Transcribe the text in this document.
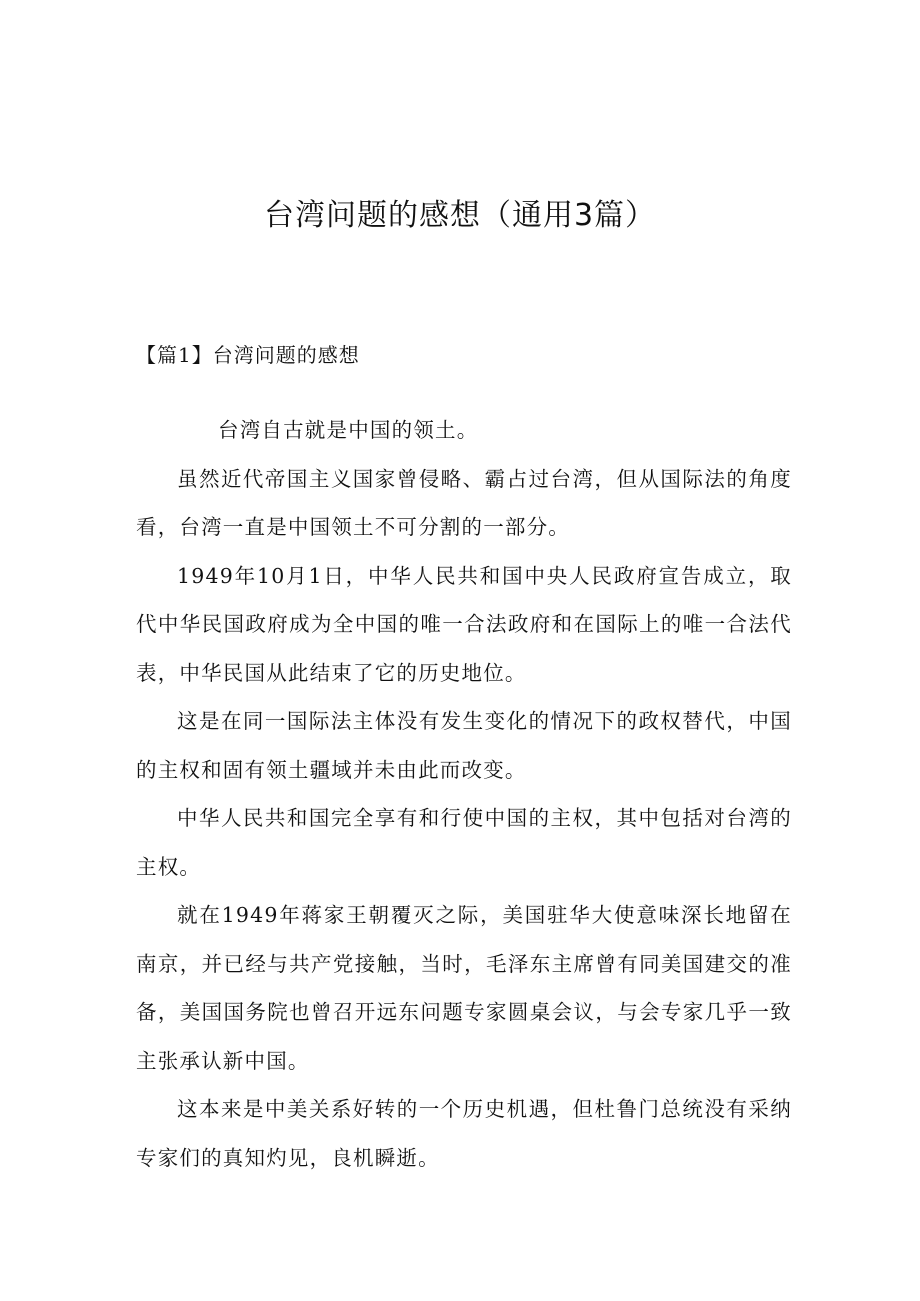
台湾问题的感想（通用3篇）
【篇1】台湾问题的感想

台湾自古就是中国的领土。

虽然近代帝国主义国家曾侵略、霸占过台湾，但从国际法的角度看，台湾一直是中国领土不可分割的一部分。

1949年10月1日，中华人民共和国中央人民政府宣告成立，取代中华民国政府成为全中国的唯一合法政府和在国际上的唯一合法代表，中华民国从此结束了它的历史地位。

这是在同一国际法主体没有发生变化的情况下的政权替代，中国的主权和固有领土疆域并未由此而改变。

中华人民共和国完全享有和行使中国的主权，其中包括对台湾的主权。

就在1949年蒋家王朝覆灭之际，美国驻华大使意味深长地留在南京，并已经与共产党接触，当时，毛泽东主席曾有同美国建交的准备，美国国务院也曾召开远东问题专家圆桌会议，与会专家几乎一致主张承认新中国。

这本来是中美关系好转的一个历史机遇，但杜鲁门总统没有采纳专家们的真知灼见，良机瞬逝。
